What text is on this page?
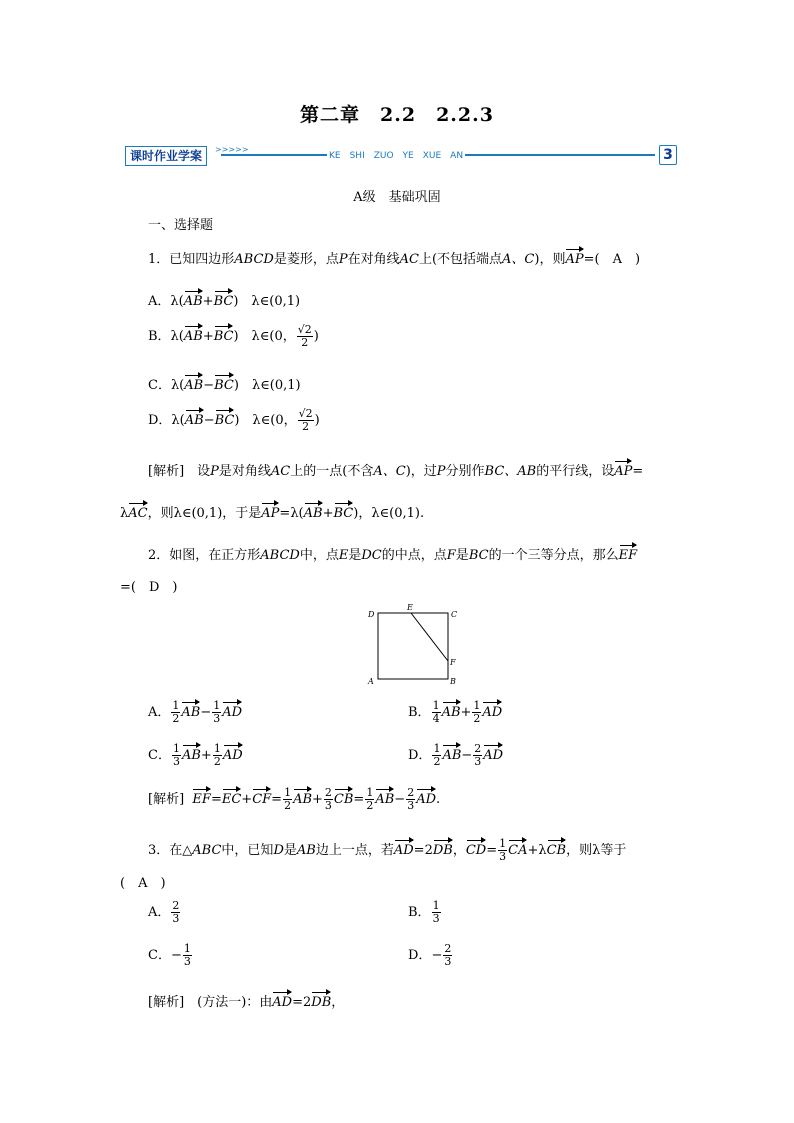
第二章　2.2　2.2.3
课时作业学案	>>>>>
KE　SHI　ZUO　YE　XUE　AN	3
A级　基础巩固
一、选择题
1．已知四边形ABCD是菱形，点P在对角线AC上(不包括端点A、C)，则AP=(　A　)
A．λ(AB+BC)　λ∈(0,1)
B．λ(AB+BC)　λ∈(0， $\frac{√2}{2}$ )
C．λ(AB−BC)　λ∈(0,1)
D．λ(AB−BC)　λ∈(0， $\frac{√2}{2}$ )
[解析]　设P是对角线AC上的一点(不含A、C)，过P分别作BC、AB的平行线，设AP=
λAC，则λ∈(0,1)，于是AP=λ(AB+BC)，λ∈(0,1).
2．如图，在正方形ABCD中，点E是DC的中点，点F是BC的一个三等分点，那么EF
=(　D　)
D
E
C
F
A	B
A． $\frac{1}{2} AB- \frac{1}{3}$ AD	B． $\frac{1}{4} AB+ \frac{1}{2}$ AD
C． $\frac{1}{3} AB+ \frac{1}{2}$ AD	D． $\frac{1}{2} AB- \frac{2}{3}$ AD
[解析] $EF=EC+CF= \frac{1}{2} AB+ \frac{2}{3} CB= \frac{1}{2} AB- \frac{2}{3}$ AD.
3．在△ABC中，已知D是AB边上一点，若AD=2DB，$CD= \frac{1}{3} CA+\lambda CB$，则λ等于
(　A　)
A． $\frac{2}{3}$	B． $\frac{1}{3}$
C．− $\frac{1}{3}$	D．− $\frac{2}{3}$
[解析]　(方法一)：由AD=2DB，
